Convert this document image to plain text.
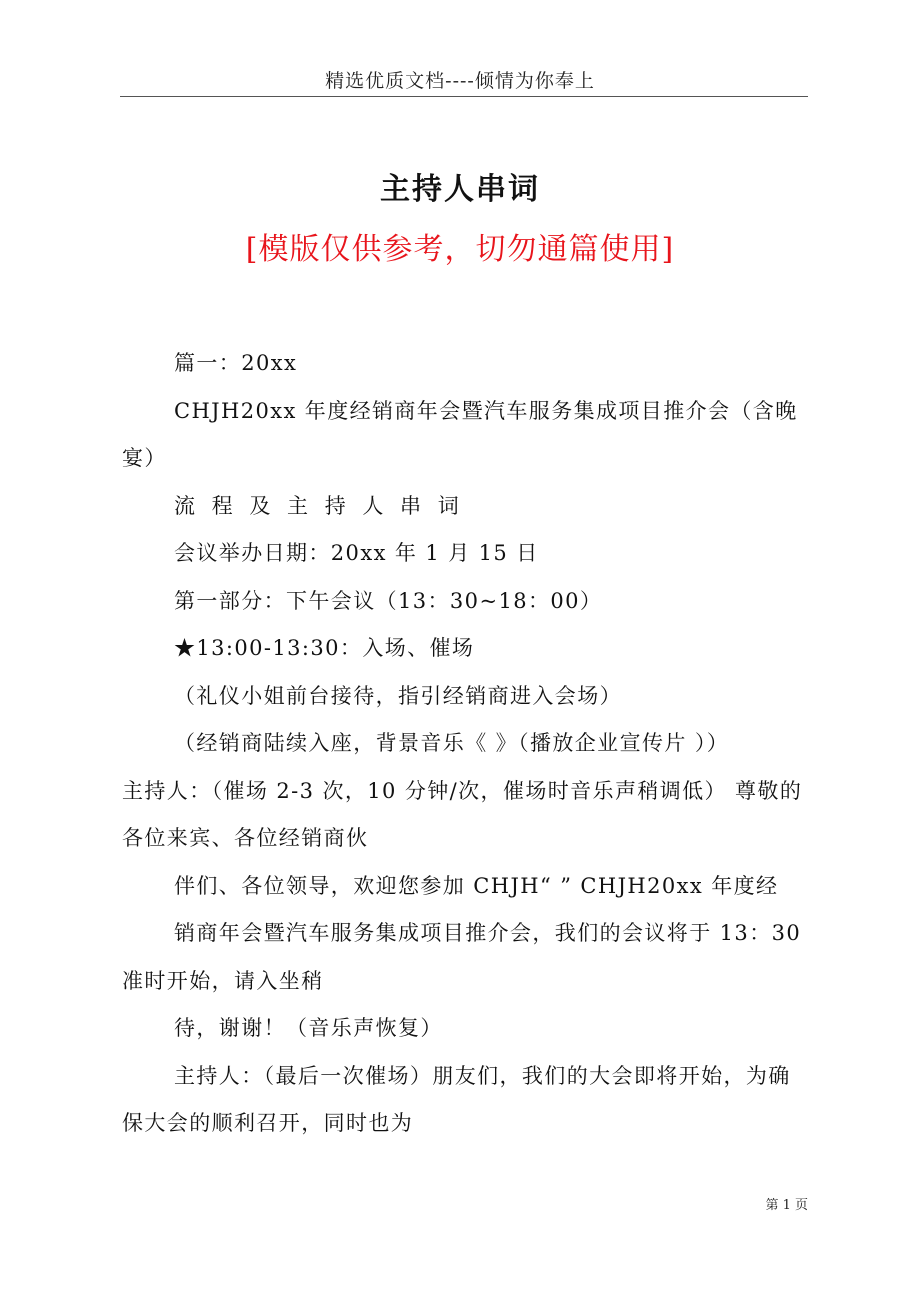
精选优质文档----倾情为你奉上
主持人串词
[模版仅供参考，切勿通篇使用]

篇一：20xx

CHJH20xx 年度经销商年会暨汽车服务集成项目推介会（含晚宴）

流 程 及 主 持 人 串 词

会议举办日期：20xx 年 1 月 15 日

第一部分：下午会议（13：30~18：00）

★13:00-13:30：入场、催场

（礼仪小姐前台接待，指引经销商进入会场）

（经销商陆续入座，背景音乐《 》（播放企业宣传片 ））

主持人：（催场 2-3 次，10 分钟/次，催场时音乐声稍调低） 尊敬的各位来宾、各位经销商伙

伴们、各位领导，欢迎您参加 CHJH“ ” CHJH20xx 年度经

销商年会暨汽车服务集成项目推介会，我们的会议将于 13：30 准时开始，请入坐稍

待，谢谢！（音乐声恢复）

主持人：（最后一次催场）朋友们，我们的大会即将开始，为确保大会的顺利召开，同时也为

第 1 页
